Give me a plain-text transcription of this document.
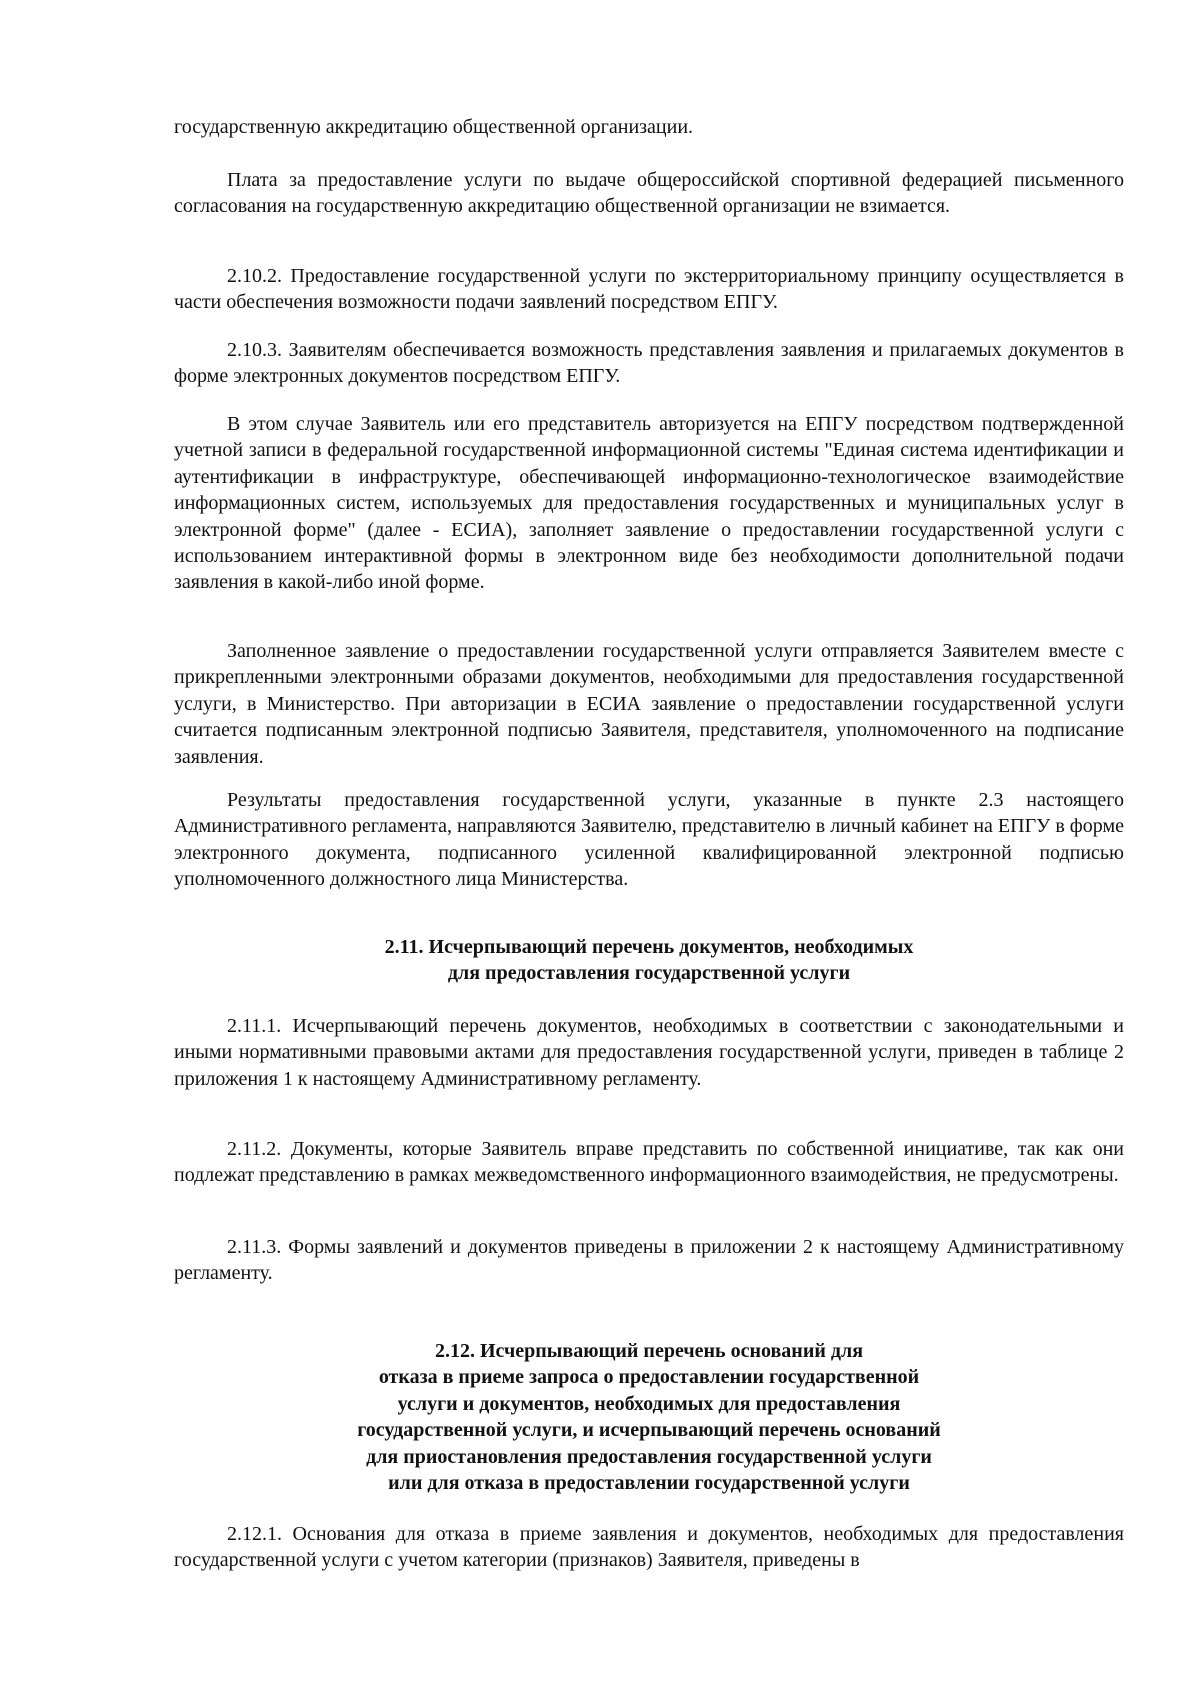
государственную аккредитацию общественной организации.

Плата за предоставление услуги по выдаче общероссийской спортивной федерацией письменного согласования на государственную аккредитацию общественной организации не взимается.

2.10.2. Предоставление государственной услуги по экстерриториальному принципу осуществляется в части обеспечения возможности подачи заявлений посредством ЕПГУ.

2.10.3. Заявителям обеспечивается возможность представления заявления и прилагаемых документов в форме электронных документов посредством ЕПГУ.

В этом случае Заявитель или его представитель авторизуется на ЕПГУ посредством подтвержденной учетной записи в федеральной государственной информационной системы "Единая система идентификации и аутентификации в инфраструктуре, обеспечивающей информационно-технологическое взаимодействие информационных систем, используемых для предоставления государственных и муниципальных услуг в электронной форме" (далее - ЕСИА), заполняет заявление о предоставлении государственной услуги с использованием интерактивной формы в электронном виде без необходимости дополнительной подачи заявления в какой-либо иной форме.

Заполненное заявление о предоставлении государственной услуги отправляется Заявителем вместе с прикрепленными электронными образами документов, необходимыми для предоставления государственной услуги, в Министерство. При авторизации в ЕСИА заявление о предоставлении государственной услуги считается подписанным электронной подписью Заявителя, представителя, уполномоченного на подписание заявления.

Результаты предоставления государственной услуги, указанные в пункте 2.3 настоящего Административного регламента, направляются Заявителю, представителю в личный кабинет на ЕПГУ в форме электронного документа, подписанного усиленной квалифицированной электронной подписью уполномоченного должностного лица Министерства.

2.11. Исчерпывающий перечень документов, необходимых
для предоставления государственной услуги

2.11.1. Исчерпывающий перечень документов, необходимых в соответствии с законодательными и иными нормативными правовыми актами для предоставления государственной услуги, приведен в таблице 2 приложения 1 к настоящему Административному регламенту.

2.11.2. Документы, которые Заявитель вправе представить по собственной инициативе, так как они подлежат представлению в рамках межведомственного информационного взаимодействия, не предусмотрены.

2.11.3. Формы заявлений и документов приведены в приложении 2 к настоящему Административному регламенту.

2.12. Исчерпывающий перечень оснований для
отказа в приеме запроса о предоставлении государственной
услуги и документов, необходимых для предоставления
государственной услуги, и исчерпывающий перечень оснований
для приостановления предоставления государственной услуги
или для отказа в предоставлении государственной услуги

2.12.1. Основания для отказа в приеме заявления и документов, необходимых для предоставления государственной услуги с учетом категории (признаков) Заявителя, приведены в
